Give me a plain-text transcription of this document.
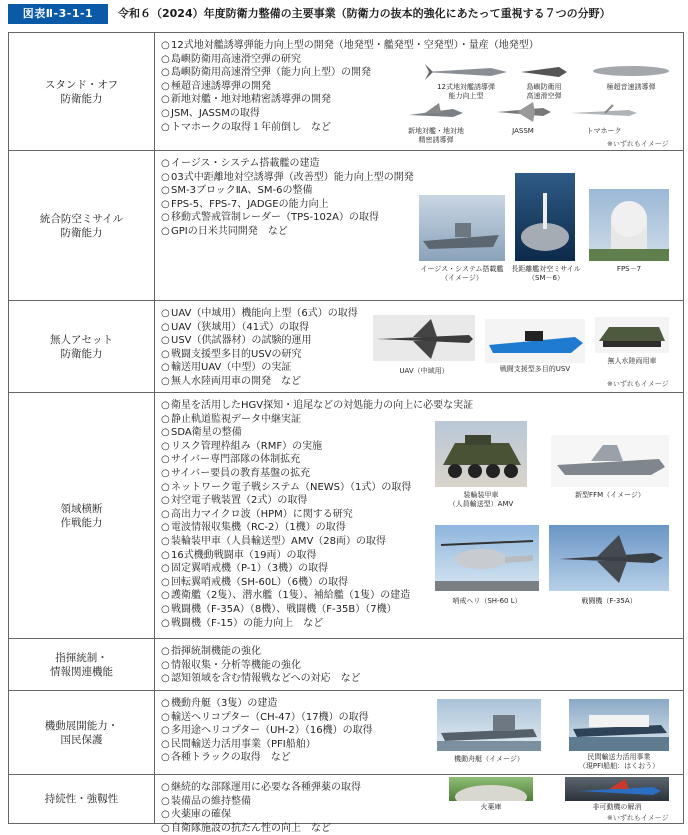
図表Ⅱ-3-1-1	令和６（2024）年度防衛力整備の主要事業（防衛力の抜本的強化にあたって重視する７つの分野）
スタンド・オフ
防衛能力
○12式地対艦誘導弾能力向上型の開発（地発型・艦発型・空発型）・量産（地発型）
○島嶼防衛用高速滑空弾の研究
○島嶼防衛用高速滑空弾（能力向上型）の開発
○極超音速誘導弾の開発
○新地対艦・地対地精密誘導弾の開発
○JSM、JASSMの取得
○トマホークの取得１年前倒し　など
12式地対艦誘導弾
能力向上型
島嶼防衛用
高速滑空弾
極超音速誘導弾
新地対艦・地対地
精密誘導弾
JASSM	トマホーク
※いずれもイメージ
統合防空ミサイル
防衛能力
○イージス・システム搭載艦の建造
○03式中距離地対空誘導弾（改善型）能力向上型の開発
○SM-3ブロックⅡA、SM-6の整備
○FPS-5、FPS-7、JADGEの能力向上
○移動式警戒管制レーダー（TPS-102A）の取得
○GPIの日米共同開発　など
イージス・システム搭載艦
（イメージ）
長距離艦対空ミサイル
（SM－6）
FPS－7
無人アセット
防衛能力
○UAV（中域用）機能向上型（6式）の取得
○UAV（狭域用）（41式）の取得
○USV（供試器材）の試験的運用
○戦闘支援型多目的USVの研究
○輸送用UAV（中型）の実証
○無人水陸両用車の開発　など
UAV（中域用）	戦闘支援型多目的USV
無人水陸両用車
※いずれもイメージ
領域横断
作戦能力
○衛星を活用したHGV探知・追尾などの対処能力の向上に必要な実証
○静止軌道監視データ中継実証
○SDA衛星の整備
○リスク管理枠組み（RMF）の実施
○サイバー専門部隊の体制拡充
○サイバー要員の教育基盤の拡充
○ネットワーク電子戦システム（NEWS）（1式）の取得
○対空電子戦装置（2式）の取得
○高出力マイクロ波（HPM）に関する研究
○電波情報収集機（RC-2）（1機）の取得
○装輪装甲車（人員輸送型）AMV（28両）の取得
○16式機動戦闘車（19両）の取得
○固定翼哨戒機（P-1）（3機）の取得
○回転翼哨戒機（SH-60L）（6機）の取得
○護衛艦（2隻）、潜水艦（1隻）、補給艦（1隻）の建造
○戦闘機（F-35A）（8機）、戦闘機（F-35B）（7機）
○戦闘機（F-15）の能力向上　など
装輪装甲車
（人員輸送型）AMV
新型FFM（イメージ）
哨戒ヘリ（SH-60 L）	戦闘機（F-35A）
指揮統制・
情報関連機能
○指揮統制機能の強化
○情報収集・分析等機能の強化
○認知領域を含む情報戦などへの対応　など
機動展開能力・
国民保護
○機動舟艇（3隻）の建造
○輸送ヘリコプター（CH-47）（17機）の取得
○多用途ヘリコプター（UH-2）（16機）の取得
○民間輸送力活用事業（PFI船舶）
○各種トラックの取得　など	機動舟艇（イメージ）	民間輸送力活用事業
（現PFI船舶：はくおう）
持続性・強靱性
○継続的な部隊運用に必要な各種弾薬の取得
○装備品の維持整備
○火薬庫の確保
○自衛隊施設の抗たん性の向上　など
火薬庫	非可動機の解消
※いずれもイメージ
